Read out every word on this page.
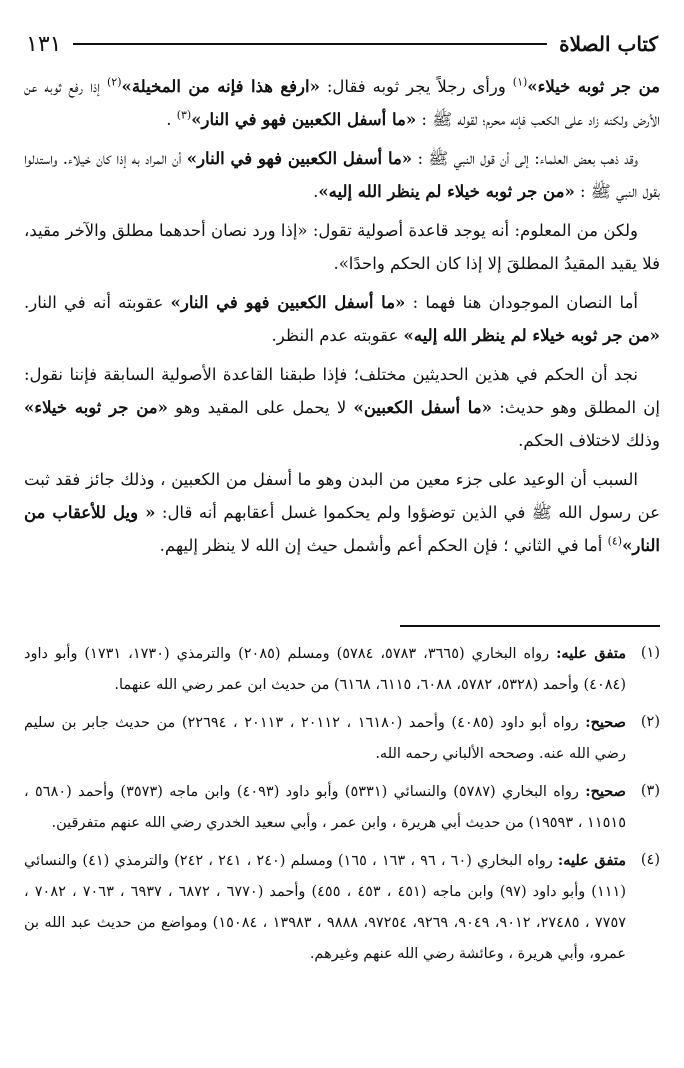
كتاب الصلاة
١٣١

من جر ثوبه خيلاء»$^{(١)}$ ورأى رجلاً يجر ثوبه فقال: «ارفع هذا فإنه من المخيلة»$^{(٢)}$ إذا رفع ثوبه عن الأرض ولكنه زاد على الكعب فإنه محرم؛ لقوله ﷺ : «ما أسفل الكعبين فهو في النار»$^{(٣)}$ .

وقد ذهب بعض العلماء: إلى أن قول النبي ﷺ : «ما أسفل الكعبين فهو في النار» أن المراد به إذا كان خيلاء. واستدلوا بقول النبي ﷺ : «من جر ثوبه خيلاء لم ينظر الله إليه».

ولكن من المعلوم: أنه يوجد قاعدة أصولية تقول: «إذا ورد نصان أحدهما مطلق والآخر مقيد، فلا يقيد المقيدُ المطلقَ إلا إذا كان الحكم واحدًا».

أما النصان الموجودان هنا فهما : «ما أسفل الكعبين فهو في النار» عقوبته أنه في النار. «من جر ثوبه خيلاء لم ينظر الله إليه» عقوبته عدم النظر.

نجد أن الحكم في هذين الحديثين مختلف؛ فإذا طبقنا القاعدة الأصولية السابقة فإننا نقول: إن المطلق وهو حديث: «ما أسفل الكعبين» لا يحمل على المقيد وهو «من جر ثوبه خيلاء» وذلك لاختلاف الحكم.

السبب أن الوعيد على جزء معين من البدن وهو ما أسفل من الكعبين ، وذلك جائز فقد ثبت عن رسول الله ﷺ في الذين توضؤوا ولم يحكموا غسل أعقابهم أنه قال: « ويل للأعقاب من النار»$^{(٤)}$ أما في الثاني ؛ فإن الحكم أعم وأشمل حيث إن الله لا ينظر إليهم.

(١)
متفق عليه: رواه البخاري (٣٦٦٥، ٥٧٨٣، ٥٧٨٤) ومسلم (٢٠٨٥) والترمذي (١٧٣٠، ١٧٣١) وأبو داود (٤٠٨٤) وأحمد (٥٣٢٨، ٥٧٨٢، ٦٠٨٨، ٦١١٥، ٦١٦٨) من حديث ابن عمر رضي الله عنهما.
(٢)
صحيح: رواه أبو داود (٤٠٨٥) وأحمد (١٦١٨٠ ، ٢٠١١٢ ، ٢٠١١٣ ، ٢٢٦٩٤) من حديث جابر بن سليم رضي الله عنه. وصححه الألباني رحمه الله.
(٣)
صحيح: رواه البخاري (٥٧٨٧) والنسائي (٥٣٣١) وأبو داود (٤٠٩٣) وابن ماجه (٣٥٧٣) وأحمد (٥٦٨٠ ، ١١٥١٥ ، ١٩٥٩٣) من حديث أبي هريرة ، وابن عمر ، وأبي سعيد الخدري رضي الله عنهم متفرقين.
(٤)
متفق عليه: رواه البخاري (٦٠ ، ٩٦ ، ١٦٣ ، ١٦٥) ومسلم (٢٤٠ ، ٢٤١ ، ٢٤٢) والترمذي (٤١) والنسائي (١١١) وأبو داود (٩٧) وابن ماجه (٤٥١ ، ٤٥٣ ، ٤٥٥) وأحمد (٦٧٧٠ ، ٦٨٧٢ ، ٦٩٣٧ ، ٧٠٦٣ ، ٧٠٨٢ ، ٧٧٥٧ ، ٢٧٤٨٥، ٩٠١٢، ٩٠٤٩، ٩٢٦٩، ٩٧٢٥٤، ٩٨٨٨ ، ١٣٩٨٣ ، ١٥٠٨٤) ومواضع من حديث عبد الله بن عمرو، وأبي هريرة ، وعائشة رضي الله عنهم وغيرهم.
